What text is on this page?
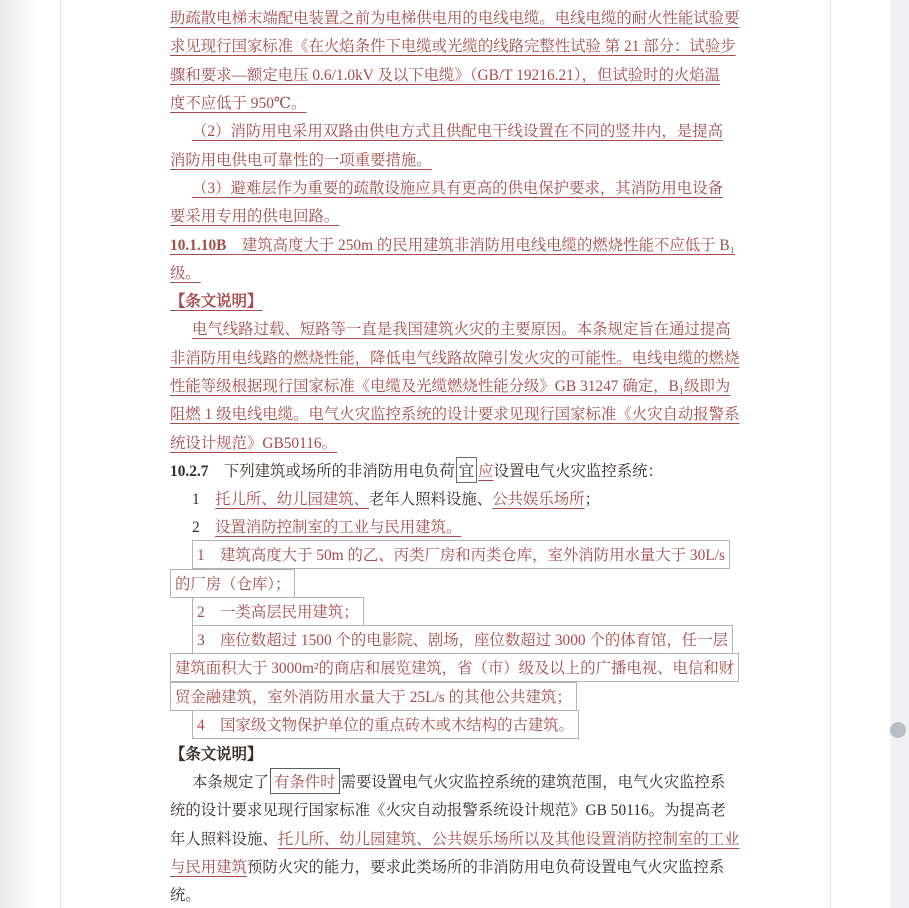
助疏散电梯末端配电装置之前为电梯供电用的电线电缆。电线电缆的耐火性能试验要
求见现行国家标准《在火焰条件下电缆或光缆的线路完整性试验 第 21 部分：试验步
骤和要求—额定电压 0.6/1.0kV 及以下电缆》（GB/T 19216.21），但试验时的火焰温
度不应低于 950℃。
（2）消防用电采用双路由供电方式且供配电干线设置在不同的竖井内，是提高
消防用电供电可靠性的一项重要措施。
（3）避难层作为重要的疏散设施应具有更高的供电保护要求，其消防用电设备
要采用专用的供电回路。
10.1.10B　 建筑高度大于 250m 的民用建筑非消防用电线电缆的燃烧性能不应低于 B₁
级。
【条文说明】
电气线路过载、短路等一直是我国建筑火灾的主要原因。本条规定旨在通过提高
非消防用电线路的燃烧性能，降低电气线路故障引发火灾的可能性。电线电缆的燃烧
性能等级根据现行国家标准《电缆及光缆燃烧性能分级》GB 31247 确定，B₁级即为
阻燃 1 级电线电缆。电气火灾监控系统的设计要求见现行国家标准《火灾自动报警系
统设计规范》GB50116。
10.2.7　 下列建筑或场所的非消防用电负荷 宜 应 设置电气火灾监控系统：
1　 托儿所、幼儿园建筑、 老年人照料设施、 公共娱乐场所 ；
2　 设置消防控制室的工业与民用建筑。
1　建筑高度大于 50m 的乙、丙类厂房和丙类仓库，室外消防用水量大于 30L/s
的厂房（仓库）；
2　一类高层民用建筑；
3　座位数超过 1500 个的电影院、剧场，座位数超过 3000 个的体育馆，任一层
建筑面积大于 3000m²的商店和展览建筑，省（市）级及以上的广播电视、电信和财
贸金融建筑，室外消防用水量大于 25L/s 的其他公共建筑；
4　国家级文物保护单位的重点砖木或木结构的古建筑。
【条文说明】
本条规定了 有条件时 需要设置电气火灾监控系统的建筑范围，电气火灾监控系
统的设计要求见现行国家标准《火灾自动报警系统设计规范》GB 50116。为提高老
年人照料设施、 托儿所、幼儿园建筑、公共娱乐场所以及其他设置消防控制室的工业
与民用建筑 预防火灾的能力，要求此类场所的非消防用电负荷设置电气火灾监控系
统。
